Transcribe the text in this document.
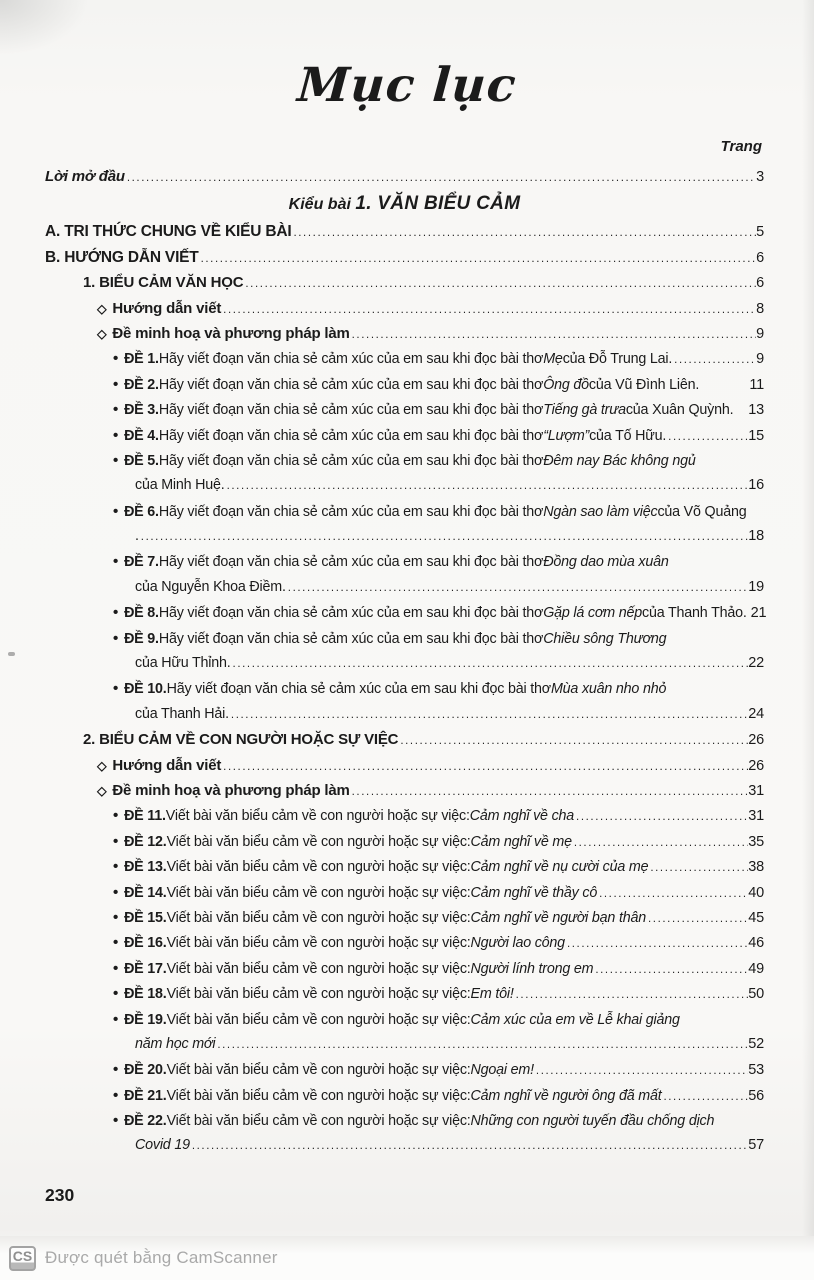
Mục lục
Trang
Lời mở đầu .....	3
Kiểu bài 1. VĂN BIỂU CẢM
A. TRI THỨC CHUNG VỀ KIỂU BÀI .....	5
B. HƯỚNG DẪN VIẾT .....	6
1. BIỂU CẢM VĂN HỌC .....	6
◇ Hướng dẫn viết .....	8
◇ Đề minh hoạ và phương pháp làm .....	9
• ĐỀ 1. Hãy viết đoạn văn chia sẻ cảm xúc của em sau khi đọc bài thơ Mẹ của Đỗ Trung Lai. .....	9
• ĐỀ 2. Hãy viết đoạn văn chia sẻ cảm xúc của em sau khi đọc bài thơ Ông đồ của Vũ Đình Liên.	11
• ĐỀ 3. Hãy viết đoạn văn chia sẻ cảm xúc của em sau khi đọc bài thơ Tiếng gà trưa của Xuân Quỳnh. 13
• ĐỀ 4. Hãy viết đoạn văn chia sẻ cảm xúc của em sau khi đọc bài thơ “Lượm” của Tố Hữu. .....	15
• ĐỀ 5. Hãy viết đoạn văn chia sẻ cảm xúc của em sau khi đọc bài thơ Đêm nay Bác không ngủ
của Minh Huệ. .....	16
• ĐỀ 6. Hãy viết đoạn văn chia sẻ cảm xúc của em sau khi đọc bài thơ Ngàn sao làm việc của Võ Quảng
. .....	18
• ĐỀ 7. Hãy viết đoạn văn chia sẻ cảm xúc của em sau khi đọc bài thơ Đồng dao mùa xuân
của Nguyễn Khoa Điềm. .....	19
• ĐỀ 8. Hãy viết đoạn văn chia sẻ cảm xúc của em sau khi đọc bài thơ Gặp lá cơm nếp của Thanh Thảo. 21
• ĐỀ 9. Hãy viết đoạn văn chia sẻ cảm xúc của em sau khi đọc bài thơ Chiều sông Thương
của Hữu Thỉnh. .....	22
• ĐỀ 10. Hãy viết đoạn văn chia sẻ cảm xúc của em sau khi đọc bài thơ Mùa xuân nho nhỏ
của Thanh Hải. .....	24
2. BIỂU CẢM VỀ CON NGƯỜI HOẶC SỰ VIỆC .....	26
◇ Hướng dẫn viết .....	26
◇ Đề minh hoạ và phương pháp làm .....	31
• ĐỀ 11. Viết bài văn biểu cảm về con người hoặc sự việc: Cảm nghĩ về cha .....	31
• ĐỀ 12. Viết bài văn biểu cảm về con người hoặc sự việc: Cảm nghĩ về mẹ .....	35
• ĐỀ 13. Viết bài văn biểu cảm về con người hoặc sự việc: Cảm nghĩ về nụ cười của mẹ .....	38
• ĐỀ 14. Viết bài văn biểu cảm về con người hoặc sự việc: Cảm nghĩ về thầy cô .....	40
• ĐỀ 15. Viết bài văn biểu cảm về con người hoặc sự việc: Cảm nghĩ về người bạn thân .....	45
• ĐỀ 16. Viết bài văn biểu cảm về con người hoặc sự việc: Người lao công .....	46
• ĐỀ 17. Viết bài văn biểu cảm về con người hoặc sự việc: Người lính trong em .....	49
• ĐỀ 18. Viết bài văn biểu cảm về con người hoặc sự việc: Em tôi! .....	50
• ĐỀ 19. Viết bài văn biểu cảm về con người hoặc sự việc: Cảm xúc của em về Lễ khai giảng
năm học mới .....	52
• ĐỀ 20. Viết bài văn biểu cảm về con người hoặc sự việc: Ngoại em! .....	53
• ĐỀ 21. Viết bài văn biểu cảm về con người hoặc sự việc: Cảm nghĩ về người ông đã mất .....	56
• ĐỀ 22. Viết bài văn biểu cảm về con người hoặc sự việc: Những con người tuyến đầu chống dịch
Covid 19 .....	57
230
CS Được quét bằng CamScanner
